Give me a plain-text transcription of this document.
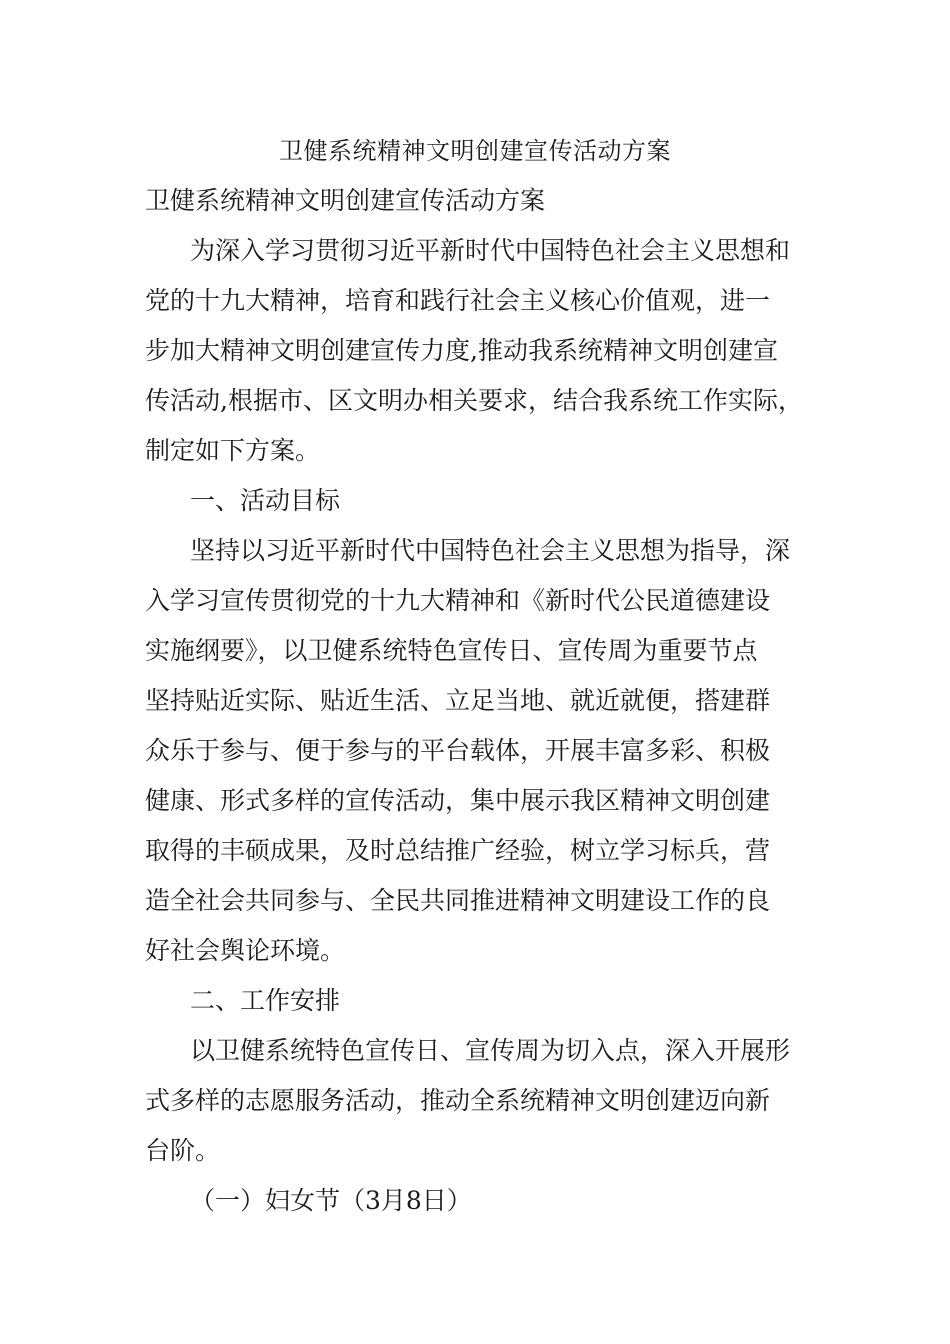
卫健系统精神文明创建宣传活动方案
卫健系统精神文明创建宣传活动方案
为深入学习贯彻习近平新时代中国特色社会主义思想和
党的十九大精神，培育和践行社会主义核心价值观，进一
步加大精神文明创建宣传力度,推动我系统精神文明创建宣
传活动,根据市、区文明办相关要求，结合我系统工作实际，
制定如下方案。
一、活动目标
坚持以习近平新时代中国特色社会主义思想为指导，深
入学习宣传贯彻党的十九大精神和《新时代公民道德建设
实施纲要》，以卫健系统特色宣传日、宣传周为重要节点
坚持贴近实际、贴近生活、立足当地、就近就便，搭建群
众乐于参与、便于参与的平台载体，开展丰富多彩、积极
健康、形式多样的宣传活动，集中展示我区精神文明创建
取得的丰硕成果，及时总结推广经验，树立学习标兵，营
造全社会共同参与、全民共同推进精神文明建设工作的良
好社会舆论环境。
二、工作安排
以卫健系统特色宣传日、宣传周为切入点，深入开展形
式多样的志愿服务活动，推动全系统精神文明创建迈向新
台阶。
（一）妇女节（3月8日）
